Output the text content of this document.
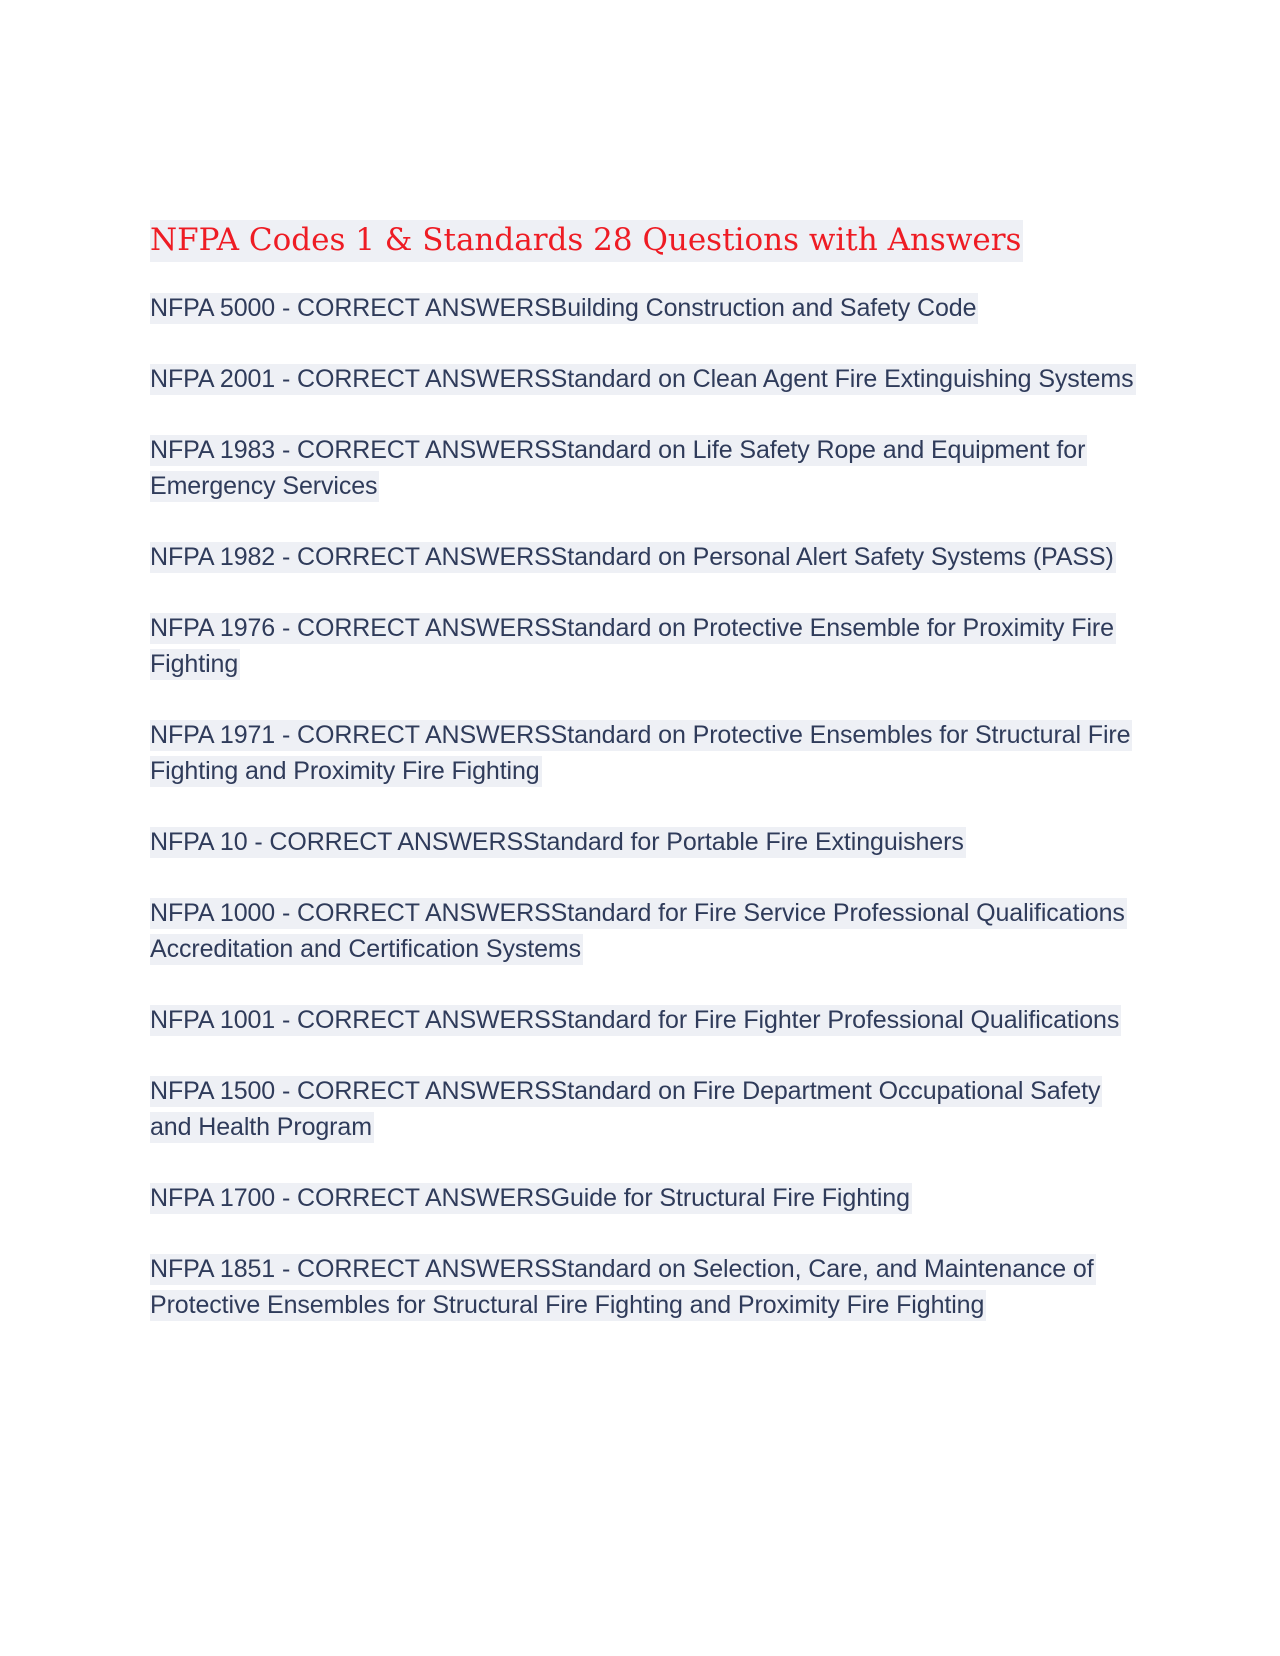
NFPA Codes 1 & Standards 28 Questions with Answers

NFPA 5000 - CORRECT ANSWERSBuilding Construction and Safety Code

NFPA 2001 - CORRECT ANSWERSStandard on Clean Agent Fire Extinguishing Systems

NFPA 1983 - CORRECT ANSWERSStandard on Life Safety Rope and Equipment for Emergency Services

NFPA 1982 - CORRECT ANSWERSStandard on Personal Alert Safety Systems (PASS)

NFPA 1976 - CORRECT ANSWERSStandard on Protective Ensemble for Proximity Fire Fighting

NFPA 1971 - CORRECT ANSWERSStandard on Protective Ensembles for Structural Fire Fighting and Proximity Fire Fighting

NFPA 10 - CORRECT ANSWERSStandard for Portable Fire Extinguishers

NFPA 1000 - CORRECT ANSWERSStandard for Fire Service Professional Qualifications Accreditation and Certification Systems

NFPA 1001 - CORRECT ANSWERSStandard for Fire Fighter Professional Qualifications

NFPA 1500 - CORRECT ANSWERSStandard on Fire Department Occupational Safety and Health Program

NFPA 1700 - CORRECT ANSWERSGuide for Structural Fire Fighting

NFPA 1851 - CORRECT ANSWERSStandard on Selection, Care, and Maintenance of Protective Ensembles for Structural Fire Fighting and Proximity Fire Fighting
